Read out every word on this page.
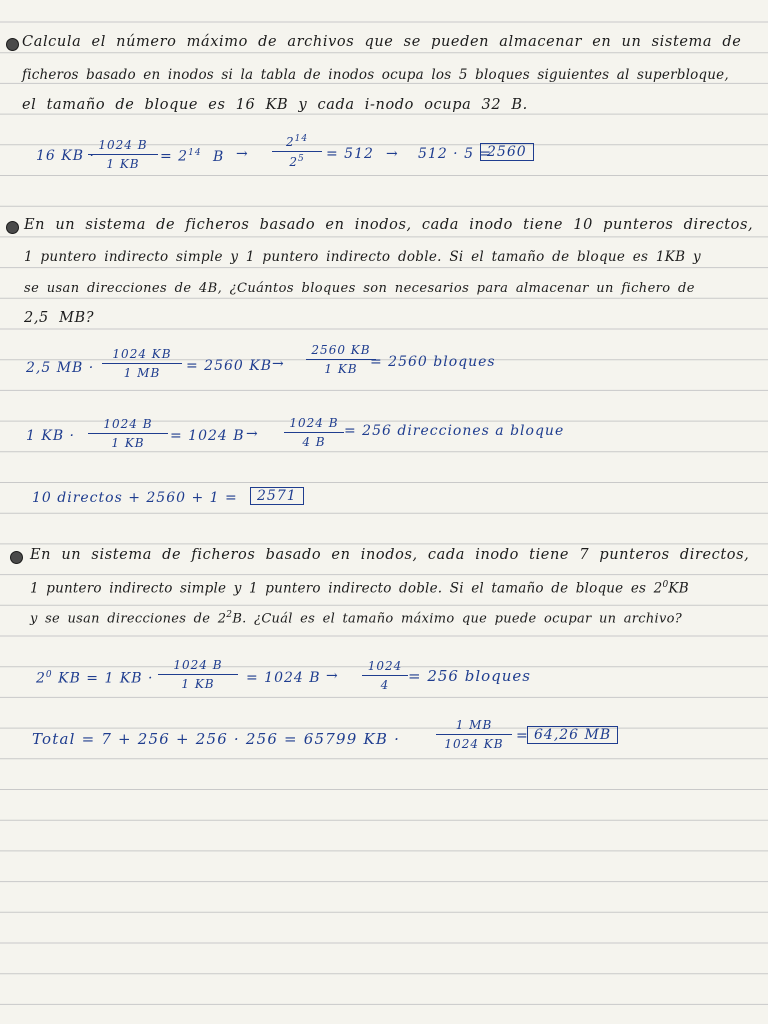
Calcula el número máximo de archivos que se pueden almacenar en un sistema de
ficheros basado en inodos si la tabla de inodos ocupa los 5 bloques siguientes al superbloque,
el tamaño de bloque es 16 KB y cada i-nodo ocupa 32 B.
16 KB ·
1024 B
1 KB	= $2^{14}$ B →
$2^{14}$
$2^5$	= 512 → 512 · 5 =
2560
En un sistema de ficheros basado en inodos, cada inodo tiene 10 punteros directos,
1 puntero indirecto simple y 1 puntero indirecto doble. Si el tamaño de bloque es 1KB y
se usan direcciones de 4B, ¿Cuántos bloques son necesarios para almacenar un fichero de
2,5 MB?
2,5 MB ·
1024 KB
1 MB	= 2560 KB →
2560 KB
1 KB = 2560 bloques
1 KB ·
1024 B
1 KB	= 1024 B →
1024 B
4 B
= 256 direcciones a bloque
10 directos + 2560 + 1 =	2571
En un sistema de ficheros basado en inodos, cada inodo tiene 7 punteros directos,
1 puntero indirecto simple y 1 puntero indirecto doble. Si el tamaño de bloque es $2^0KB$
y se usan direcciones de $2^2B$. ¿Cuál es el tamaño máximo que puede ocupar un archivo?
$2^0$ KB = 1 KB ·
1024 B
1 KB	= 1024 B →
1024
4	= 256 bloques
Total = 7 + 256 + 256 · 256 = 65799 KB ·
1 MB
1024 KB = 64,26 MB
